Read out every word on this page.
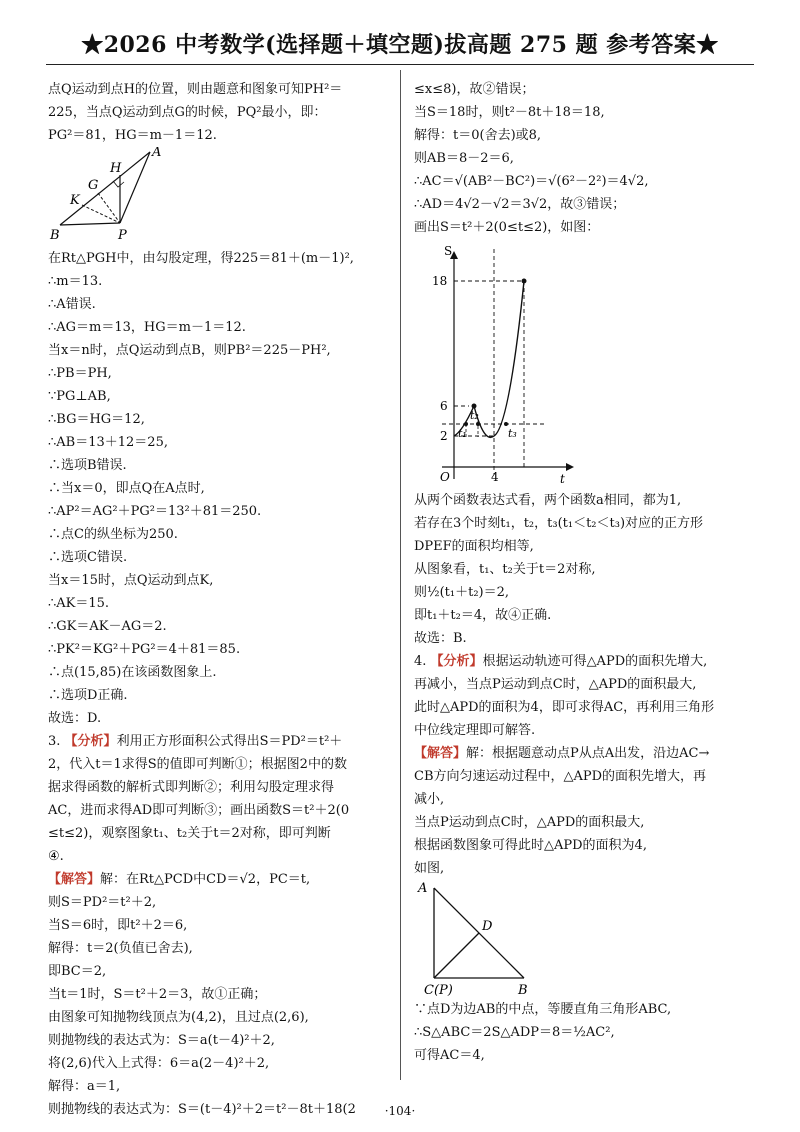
★2026 中考数学(选择题＋填空题)拔高题 275 题 参考答案★
点Q运动到点H的位置，则由题意和图象可知PH²＝
225，当点Q运动到点G的时候，PQ²最小，即：
PG²＝81，HG＝m－1＝12.
A
H
G
K
B	P
在Rt△PGH中，由勾股定理，得225＝81＋(m－1)²,
∴m＝13.
∴A错误.
∴AG＝m＝13，HG＝m－1＝12.
当x＝n时，点Q运动到点B，则PB²＝225－PH²,
∴PB＝PH,
∵PG⊥AB,
∴BG＝HG＝12,
∴AB＝13＋12＝25,
∴选项B错误.
∴当x＝0，即点Q在A点时,
∴AP²＝AG²＋PG²＝13²＋81＝250.
∴点C的纵坐标为250.
∴选项C错误.
当x＝15时，点Q运动到点K,
∴AK＝15.
∴GK＝AK－AG＝2.
∴PK²＝KG²＋PG²＝4＋81＝85.
∴点(15,85)在该函数图象上.
∴选项D正确.
故选：D.
3. 【分析】利用正方形面积公式得出S＝PD²＝t²＋
2，代入t＝1求得S的值即可判断①；根据图2中的数
据求得函数的解析式即判断②；利用勾股定理求得
AC，进而求得AD即可判断③；画出函数S＝t²＋2(0
≤t≤2)，观察图象t₁、t₂关于t＝2对称，即可判断
④.
【解答】解：在Rt△PCD中CD＝√2，PC＝t,
则S＝PD²＝t²＋2,
当S＝6时，即t²＋2＝6,
解得：t＝2(负值已舍去),
即BC＝2,
当t＝1时，S＝t²＋2＝3，故①正确；
由图象可知抛物线顶点为(4,2)，且过点(2,6),
则抛物线的表达式为：S＝a(t－4)²＋2,
将(2,6)代入上式得：6＝a(2－4)²＋2,
解得：a＝1,
则抛物线的表达式为：S＝(t－4)²＋2＝t²－8t＋18(2
≤x≤8)，故②错误；
当S＝18时，则t²－8t＋18＝18,
解得：t＝0(舍去)或8,
则AB＝8－2＝6,
∴AC＝√(AB²－BC²)＝√(6²－2²)＝4√2,
∴AD＝4√2－√2＝3√2，故③错误；
画出S＝t²＋2(0≤t≤2)，如图：
S
t
O
18
6
2
4
t₁
t₂
t₃
从两个函数表达式看，两个函数a相同，都为1,
若存在3个时刻t₁，t₂，t₃(t₁＜t₂＜t₃)对应的正方形
DPEF的面积均相等,
从图象看，t₁、t₂关于t＝2对称,
则½(t₁＋t₂)＝2,
即t₁＋t₂＝4，故④正确.
故选：B.
4. 【分析】根据运动轨迹可得△APD的面积先增大,
再减小，当点P运动到点C时，△APD的面积最大,
此时△APD的面积为4，即可求得AC，再利用三角形
中位线定理即可解答.
【解答】解：根据题意动点P从点A出发，沿边AC→
CB方向匀速运动过程中，△APD的面积先增大，再
减小,
当点P运动到点C时，△APD的面积最大,
根据函数图象可得此时△APD的面积为4,
如图,
A
D
C(P)	B
∵点D为边AB的中点，等腰直角三角形ABC,
∴S△ABC＝2S△ADP＝8＝½AC²,
可得AC＝4,
·104·
